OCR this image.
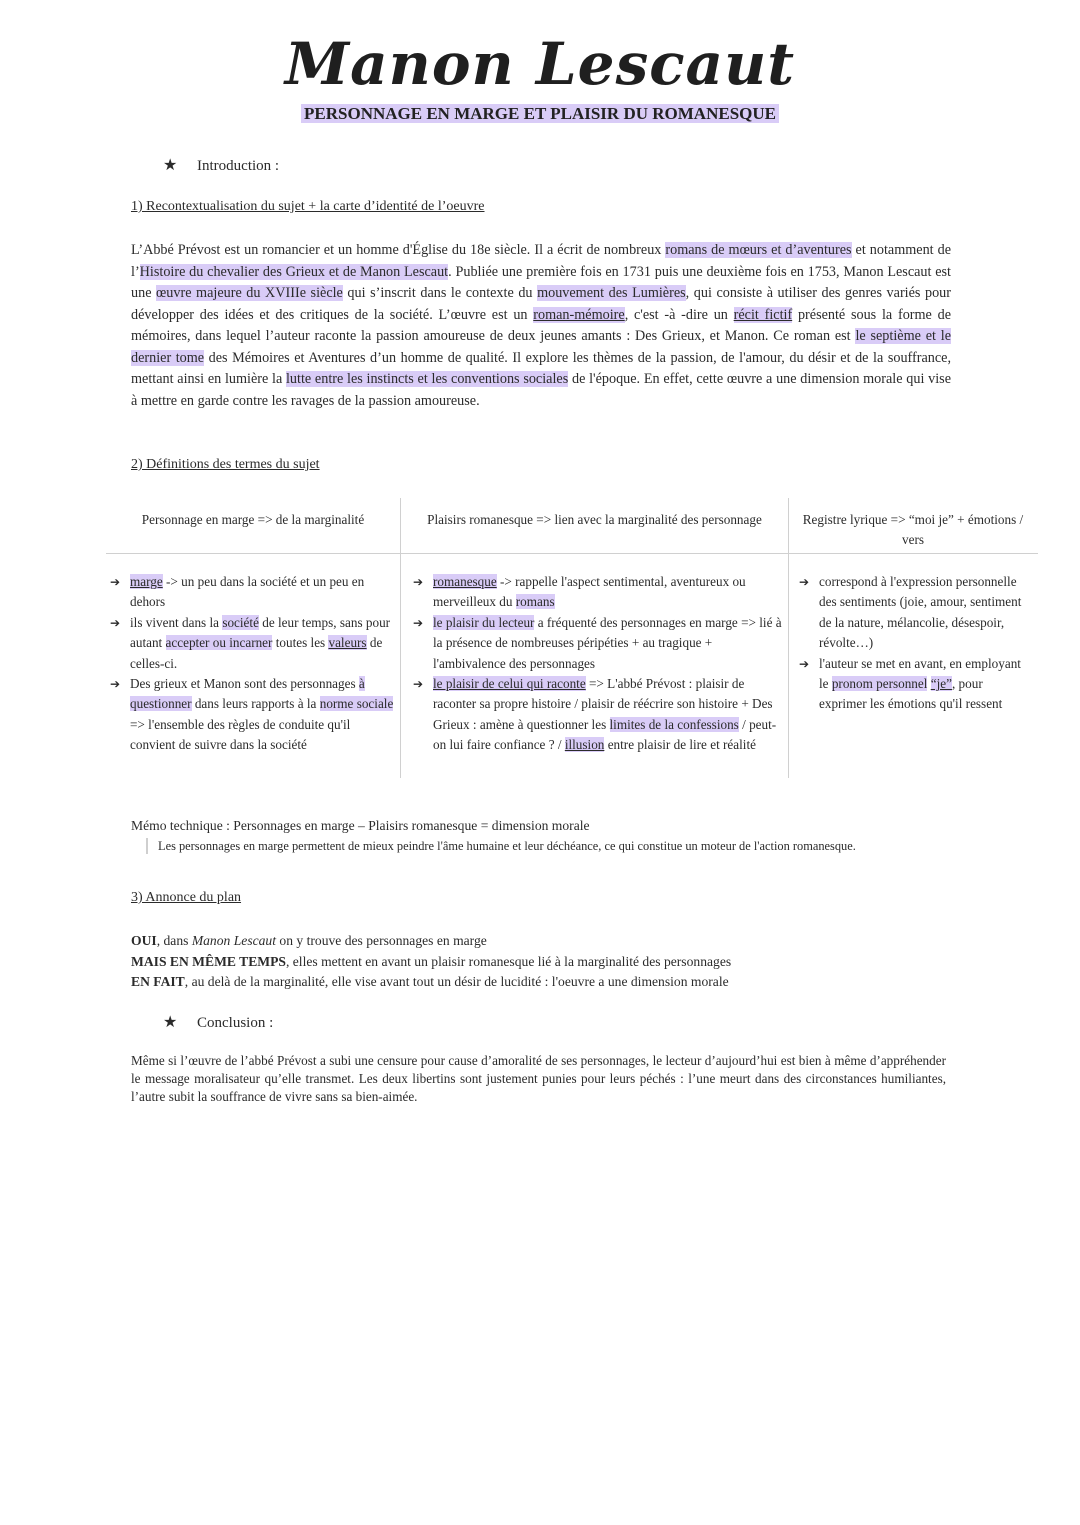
Manon Lescaut
PERSONNAGE EN MARGE ET PLAISIR DU ROMANESQUE
★ Introduction :
1) Recontextualisation du sujet + la carte d’identité de l’oeuvre
L’Abbé Prévost est un romancier et un homme d'Église du 18e siècle. Il a écrit de nombreux romans de mœurs et d’aventures et notamment de l’Histoire du chevalier des Grieux et de Manon Lescaut. Publiée une première fois en 1731 puis une deuxième fois en 1753, Manon Lescaut est une œuvre majeure du XVIIIe siècle qui s’inscrit dans le contexte du mouvement des Lumières, qui consiste à utiliser des genres variés pour développer des idées et des critiques de la société. L’œuvre est un roman-mémoire, c'est -à -dire un récit fictif présenté sous la forme de mémoires, dans lequel l’auteur raconte la passion amoureuse de deux jeunes amants : Des Grieux, et Manon. Ce roman est le septième et le dernier tome des Mémoires et Aventures d’un homme de qualité. Il explore les thèmes de la passion, de l'amour, du désir et de la souffrance, mettant ainsi en lumière la lutte entre les instincts et les conventions sociales de l'époque. En effet, cette œuvre a une dimension morale qui vise à mettre en garde contre les ravages de la passion amoureuse.
2) Définitions des termes du sujet
Personnage en marge => de la marginalité	Plaisirs romanesque => lien avec la marginalité des personnage	Registre lyrique => “moi je” + émotions / vers
➔ marge -> un peu dans la société et un peu en dehors
➔ ils vivent dans la société de leur temps, sans pour autant accepter ou incarner toutes les valeurs de celles-ci.
➔ Des grieux et Manon sont des personnages à questionner dans leurs rapports à la norme sociale => l'ensemble des règles de conduite qu'il convient de suivre dans la société
➔ romanesque -> rappelle l'aspect sentimental, aventureux ou merveilleux du romans
➔ le plaisir du lecteur a fréquenté des personnages en marge => lié à la présence de nombreuses péripéties + au tragique + l'ambivalence des personnages
➔ le plaisir de celui qui raconte => L'abbé Prévost : plaisir de raconter sa propre histoire / plaisir de réécrire son histoire + Des Grieux : amène à questionner les limites de la confessions / peut-on lui faire confiance ? / illusion entre plaisir de lire et réalité
➔ correspond à l'expression personnelle des sentiments (joie, amour, sentiment de la nature, mélancolie, désespoir, révolte…)
➔ l'auteur se met en avant, en employant le pronom personnel “je”, pour exprimer les émotions qu'il ressent
Mémo technique : Personnages en marge – Plaisirs romanesque = dimension morale
Les personnages en marge permettent de mieux peindre l'âme humaine et leur déchéance, ce qui constitue un moteur de l'action romanesque.
3) Annonce du plan
OUI, dans Manon Lescaut on y trouve des personnages en marge
MAIS EN MÊME TEMPS, elles mettent en avant un plaisir romanesque lié à la marginalité des personnages
EN FAIT, au delà de la marginalité, elle vise avant tout un désir de lucidité : l'oeuvre a une dimension morale
★ Conclusion :
Même si l’œuvre de l’abbé Prévost a subi une censure pour cause d’amoralité de ses personnages, le lecteur d’aujourd’hui est bien à même d’appréhender le message moralisateur qu’elle transmet. Les deux libertins sont justement punies pour leurs péchés : l’une meurt dans des circonstances humiliantes, l’autre subit la souffrance de vivre sans sa bien-aimée.
